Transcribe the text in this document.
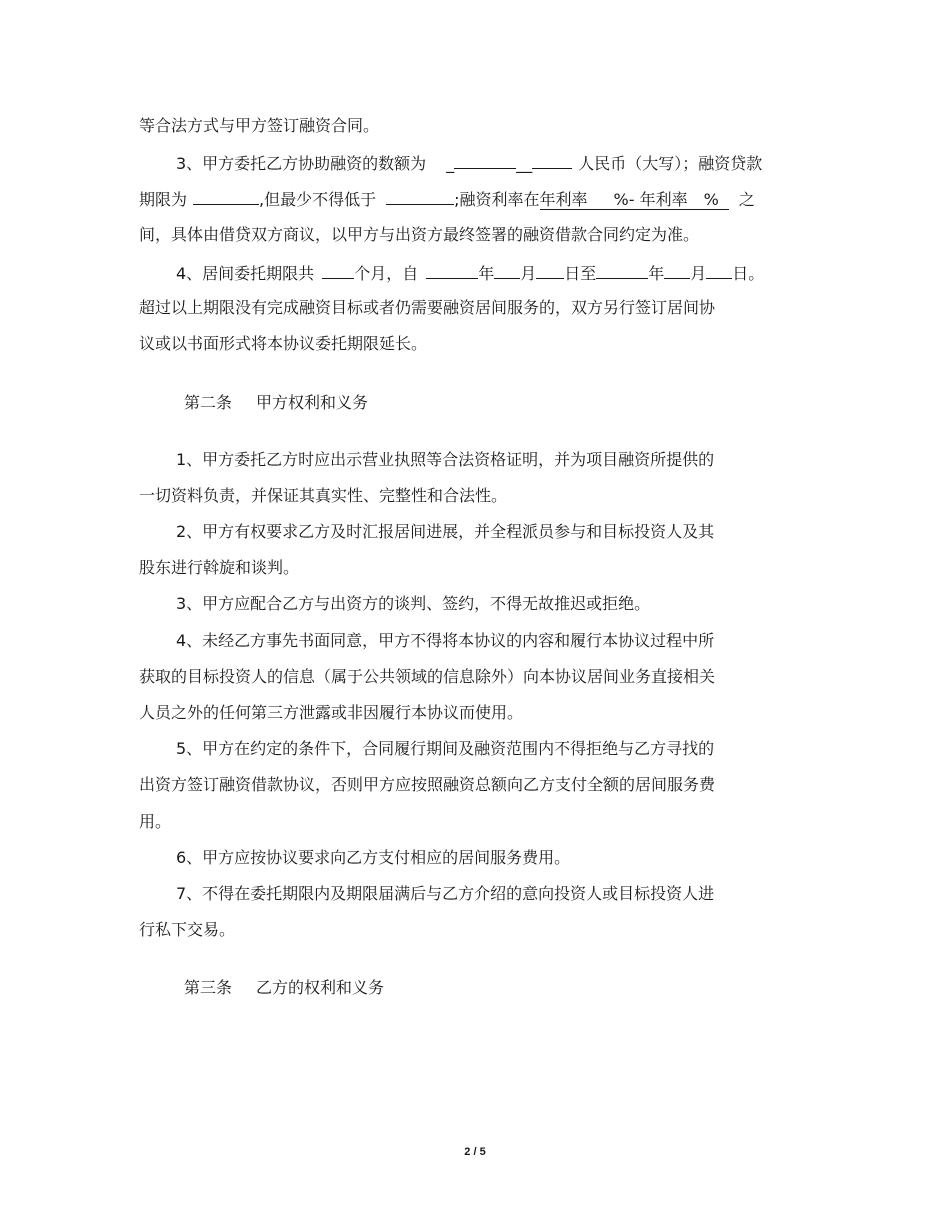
等合法方式与甲方签订融资合同。
3、甲方委托乙方协助融资的数额为 _	__	人民币（大写）；融资贷款
期限为	,但最少不得低于	;融资利率在年利率 %- 年利率 % 之
间，具体由借贷双方商议，以甲方与出资方最终签署的融资借款合同约定为准。
4、居间委托期限共	个月，自	年 月 日至	年 月 日。
超过以上期限没有完成融资目标或者仍需要融资居间服务的，双方另行签订居间协
议或以书面形式将本协议委托期限延长。
第二条 甲方权利和义务
1、甲方委托乙方时应出示营业执照等合法资格证明，并为项目融资所提供的
一切资料负责，并保证其真实性、完整性和合法性。
2、甲方有权要求乙方及时汇报居间进展，并全程派员参与和目标投资人及其
股东进行斡旋和谈判。
3、甲方应配合乙方与出资方的谈判、签约，不得无故推迟或拒绝。
4、未经乙方事先书面同意，甲方不得将本协议的内容和履行本协议过程中所
获取的目标投资人的信息（属于公共领域的信息除外）向本协议居间业务直接相关
人员之外的任何第三方泄露或非因履行本协议而使用。
5、甲方在约定的条件下，合同履行期间及融资范围内不得拒绝与乙方寻找的
出资方签订融资借款协议，否则甲方应按照融资总额向乙方支付全额的居间服务费
用。
6、甲方应按协议要求向乙方支付相应的居间服务费用。
7、不得在委托期限内及期限届满后与乙方介绍的意向投资人或目标投资人进
行私下交易。
第三条 乙方的权利和义务
2 / 5
